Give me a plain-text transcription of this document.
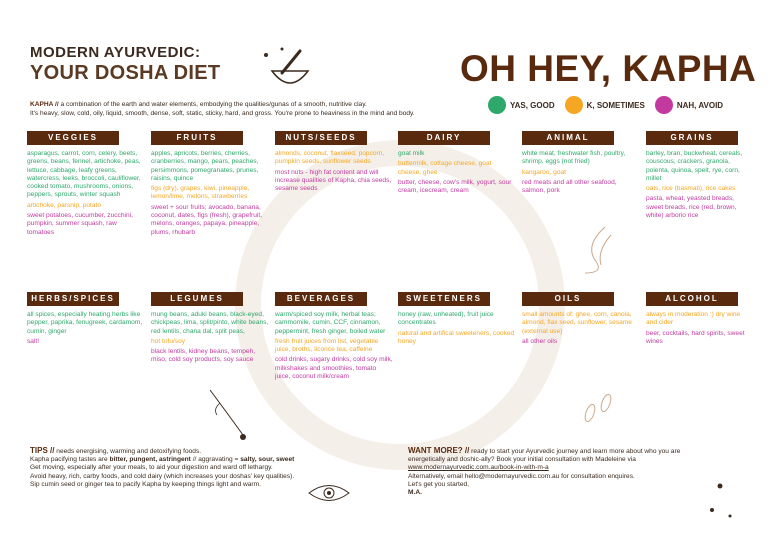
MODERN AYURVEDIC:
YOUR DOSHA DIET	OH HEY, KAPHA
KAPHA // a combination of the earth and water elements, embodying the qualities/gunas of a smooth, nutritive clay.
It's heavy, slow, cold, oily, liquid, smooth, dense, soft, static, sticky, hard, and gross. You're prone to heaviness in the mind and body.
YAS, GOOD	K, SOMETIMES	NAH, AVOID
VEGGIES
asparagus, carrot, corn, celery, beets, greens, beans, fennel, artichoke, peas, lettuce, cabbage, leafy greens, watercress, leeks, broccoli, cauliflower, cooked tomato, mushrooms, onions, peppers, sprouts, winter squash
artichoke, parsnip, potato
sweet potatoes, cucumber, zucchini, pumpkin, summer squash, raw tomatoes
FRUITS
apples, apricots, berries, cherries, cranberries, mango, pears, peaches, persimmons, pomegranates, prunes, raisins, quince
figs (dry), grapes, kiwi, pineapple, lemon/lime, melons, strawberries
sweet + sour fruits; avocado, banana, coconut, dates, figs (fresh), grapefruit, melons, oranges, papaya, pineapple, plums, rhubarb
NUTS/SEEDS
almonds, coconut, flaxseed, popcorn, pumpkin seeds, sunflower seeds
most nuts - high fat content and will increase qualities of Kapha, chia seeds, sesame seeds
DAIRY
goat milk
buttermilk, cottage cheese, goat cheese, ghee
butter, cheese, cow's milk, yogurt, sour cream, icecream, cream
ANIMAL
white meat, freshwater fish, poultry, shrimp, eggs (not fried)
kangaroo, goat
red meats and all other seafood, salmon, pork
GRAINS
barley, bran, buckwheat, cereals, couscous, crackers, granola, polenta, quinoa, spelt, rye, corn, millet
oats, rice (basmati), rice cakes
pasta, wheat, yeasted breads, sweet breads, rice (red, brown, white) arborio rice
HERBS/SPICES
all spices, especially heating herbs like pepper, paprika, fenugreek, cardamom, cumin, ginger
salt!
LEGUMES
mung beans, aduki beans, black-eyed, chickpeas, lima, split/pinto, white beans, red lentils, chana dal, split peas,
hot tofu/soy
black lentils, kidney beans, tempeh, miso, cold soy products, soy sauce
BEVERAGES
warm/spiced soy milk, herbal teas; cammomile, cumin, CCF, cinnamon, peppermint, fresh ginger, boiled water
fresh fruit juices from list, vegetable juice, broths, licorice tea, caffeine
cold drinks, sugary drinks, cold soy milk, milkshakes and smoothies, tomato juice, coconut milk/cream
SWEETENERS
honey (raw, unheated), fruit juice concentrates
natural and artifical sweeteners, cooked honey
OILS
small amounts of: ghee, corn, canola, almond, flax seed, sunflower, sesame (external use)
all other oils
ALCOHOL
always in moderation :) dry wine and cider
beer, cocktails, hard spirits, sweet wines
TIPS // needs energising, warming and detoxifying foods.
Kapha pacifying tastes are bitter, pungent, astringent // aggravating = salty, sour, sweet
Get moving, especially after your meals, to aid your digestion and ward off lethargy.
Avoid heavy, rich, carby foods, and cold dairy (which increases your doshas' key qualities).
Sip cumin seed or ginger tea to pacify Kapha by keeping things light and warm.
WANT MORE? // ready to start your Ayurvedic journey and learn more about who you are
energetically and doshic-ally? Book your initial consultation with Madeleine via
www.modernayurvedic.com.au/book-in-with-m-a
Alternatively, email hello@modernayurvedic.com.au for consultation enquires.
Let's get you started,
M.A.
